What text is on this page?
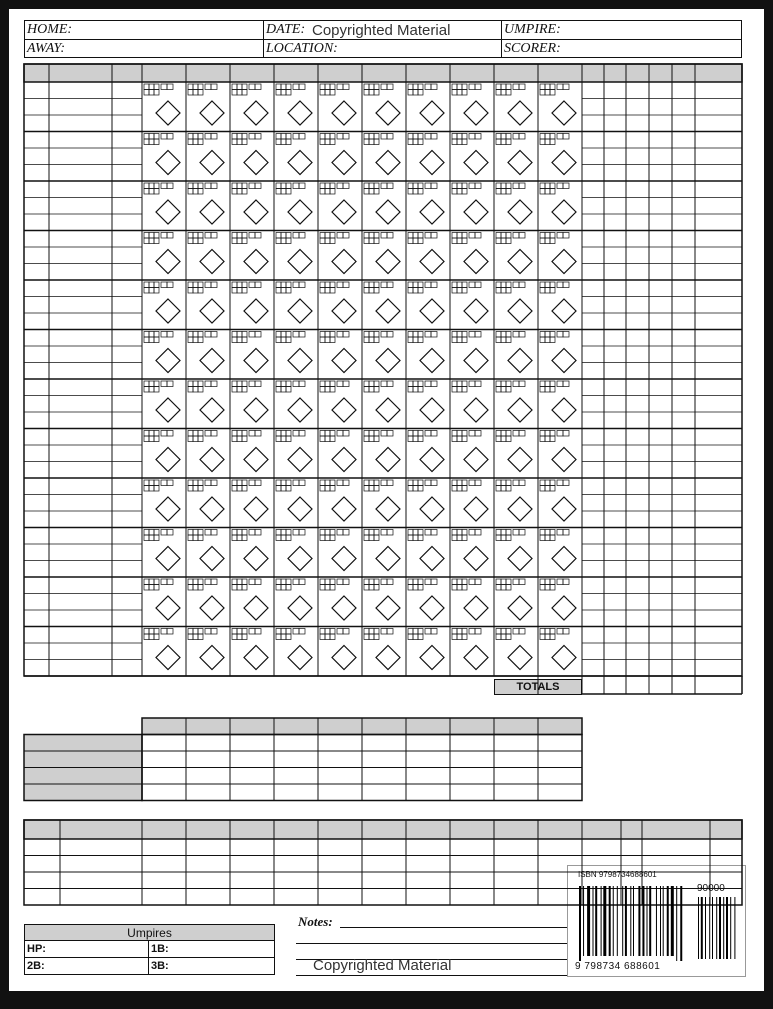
HOME:	DATE: Copyrighted Material	UMPIRE:
AWAY:	LOCATION:	SCORER:
TOTALS
Umpires
HP:	1B:
2B:	3B:
Notes:
Copyrighted Material
ISBN 9798734688601
90000
9 798734 688601
